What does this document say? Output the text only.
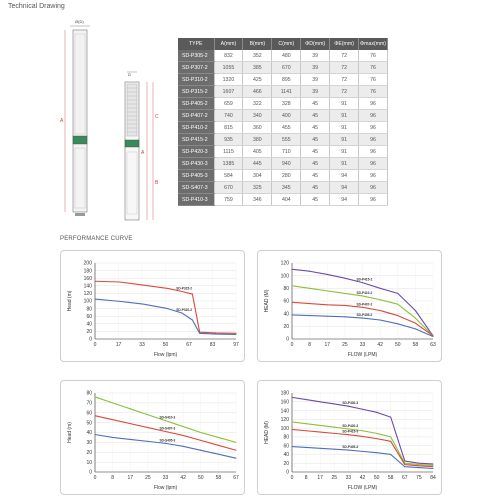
Technical Drawing
Ø(D)
A
D
C
B
A
TYPE	A(mm)	B(mm)	C(mm)	ΦD(mm)	ΦE(mm)	Φmax(mm)
SD-P305-2	832	352	480	39	72	76
SD-P307-2	1055	385	670	39	72	76
SD-P310-2	1320	425	895	39	72	76
SD-P315-2	1607	466	1141	39	72	76
SD-P405-2	659	322	328	45	91	96
SD-P407-2	740	340	400	45	91	96
SD-P410-2	815	360	455	45	91	96
SD-P415-2	935	380	555	45	91	96
SD-P420-3	1115	405	710	45	91	96
SD-P430-3	1385	445	940	45	91	96
SD-P405-3	584	304	280	45	94	96
SD-S407-3	670	325	345	45	94	96
SD-P410-3	759	346	404	45	94	96
PERFORMANCE CURVE
0
20
40
60
80
100
120
140
160
180
200
0	17	33	50	67	83	97
Flow (lpm)
Head (m)
SD-P315-2
SD-P310-2
0
20
40
60
80
100
120
0	8	17 25 33 42 50 58 63
FLOW (LPM)
HEAD (M)
SD-P415-2
SD-P410-2
SD-P407-2
SD-P405-2
0
10
20
30
40
50
60
70
80
0	8	17 25 33 42 50 58 67
Flow (lpm)
Head (m)
SD-S410-3
SD-S407-3
SD-S405-3
0
20
40
60
80
100
120
140
160
180
0 8 17 25 33 42 50 58 67 75 84
FLOW (LPM)
HEAD (M)
SD-P430-3
SD-P420-3
SD-P415-3
SD-P405-3
